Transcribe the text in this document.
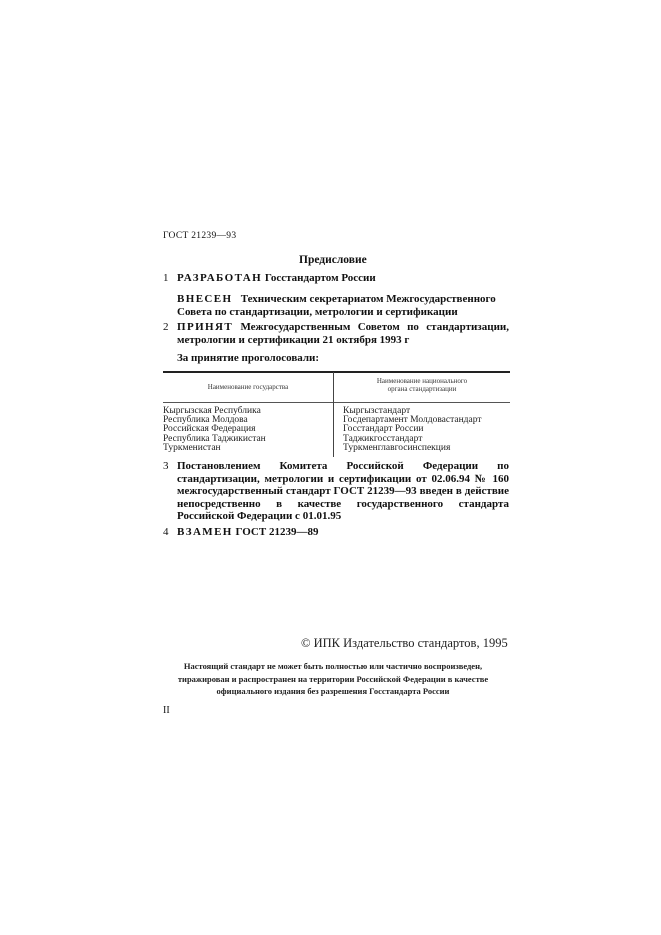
ГОСТ 21239—93
Предисловие
1 РАЗРАБОТАН Госстандартом России
ВНЕСЕН Техническим секретариатом Межгосударственного Совета по стандартизации, метрологии и сертификации
2 ПРИНЯТ Межгосударственным Советом по стандартизации, метрологии и сертификации 21 октября 1993 г
За принятие проголосовали:
Наименование государства
Наименование национального органа стандартизации
Кыргызская Республика
Республика Молдова
Российская Федерация
Республика Таджикистан
Туркменистан
Кыргызстандарт
Госдепартамент Молдовастандарт
Госстандарт России
Таджикгосстандарт
Туркменглавгосинспекция
3 Постановлением Комитета Российской Федерации по стандартизации, метрологии и сертификации от 02.06.94 № 160 межгосударственный стандарт ГОСТ 21239—93 введен в действие непосредственно в качестве государственного стандарта Российской Федерации с 01.01.95
4 ВЗАМЕН ГОСТ 21239—89
© ИПК Издательство стандартов, 1995
Настоящий стандарт не может быть полностью или частично воспроизведен,
тиражирован и распространен на территории Российской Федерации в качестве
официального издания без разрешения Госстандарта России
II
